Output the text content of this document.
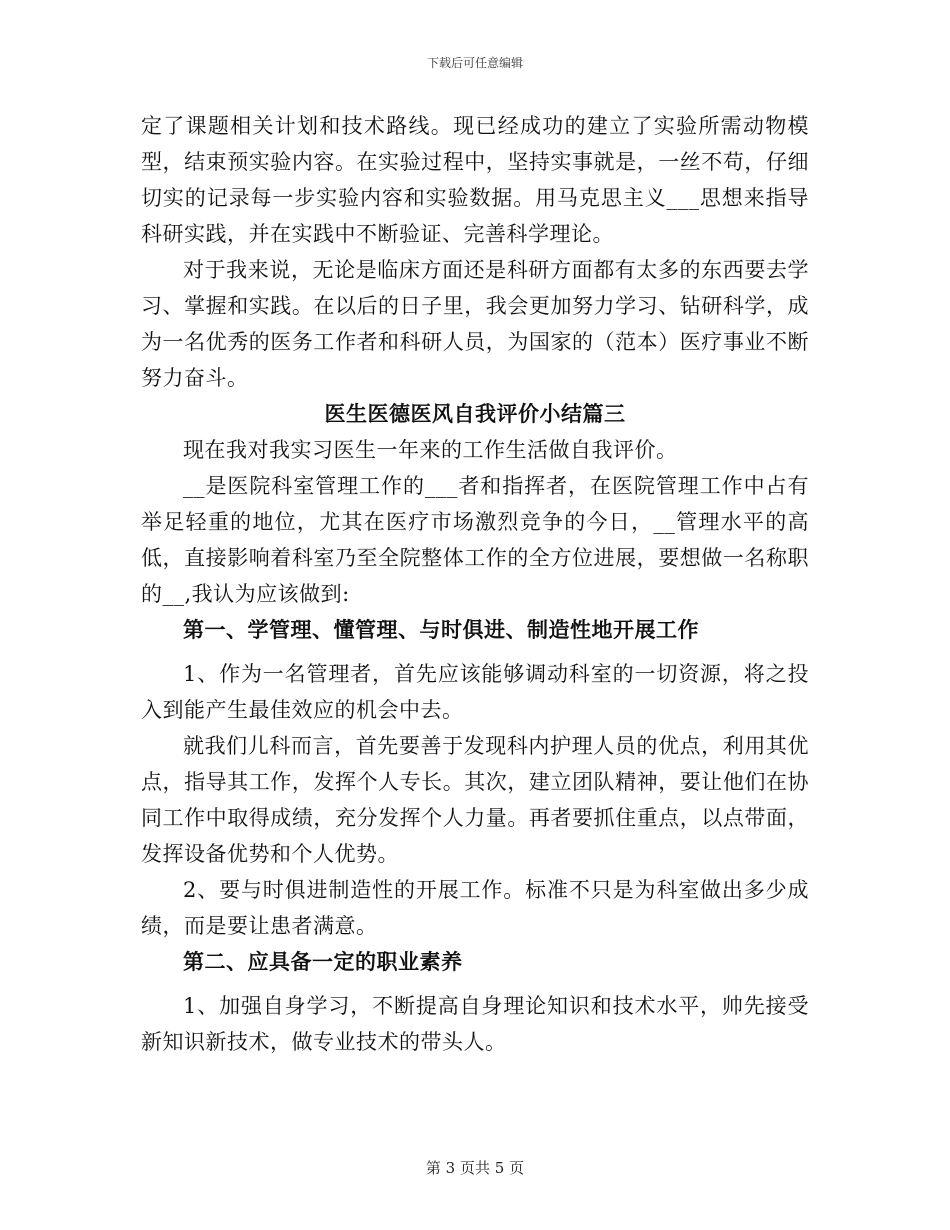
下载后可任意编辑

定了课题相关计划和技术路线。现已经成功的建立了实验所需动物模型，结束预实验内容。在实验过程中，坚持实事就是，一丝不苟，仔细切实的记录每一步实验内容和实验数据。用马克思主义___思想来指导科研实践，并在实践中不断验证、完善科学理论。

对于我来说，无论是临床方面还是科研方面都有太多的东西要去学习、掌握和实践。在以后的日子里，我会更加努力学习、钻研科学，成为一名优秀的医务工作者和科研人员，为国家的（范本）医疗事业不断努力奋斗。

医生医德医风自我评价小结篇三

现在我对我实习医生一年来的工作生活做自我评价。

__是医院科室管理工作的___者和指挥者，在医院管理工作中占有举足轻重的地位，尤其在医疗市场激烈竞争的今日，__管理水平的高低，直接影响着科室乃至全院整体工作的全方位进展，要想做一名称职的__,我认为应该做到:

第一、学管理、懂管理、与时俱进、制造性地开展工作

1、作为一名管理者，首先应该能够调动科室的一切资源，将之投入到能产生最佳效应的机会中去。

就我们儿科而言，首先要善于发现科内护理人员的优点，利用其优点，指导其工作，发挥个人专长。其次，建立团队精神，要让他们在协同工作中取得成绩，充分发挥个人力量。再者要抓住重点，以点带面，发挥设备优势和个人优势。

2、要与时俱进制造性的开展工作。标准不只是为科室做出多少成绩，而是要让患者满意。

第二、应具备一定的职业素养

1、加强自身学习，不断提高自身理论知识和技术水平，帅先接受新知识新技术，做专业技术的带头人。

第 3 页共 5 页
